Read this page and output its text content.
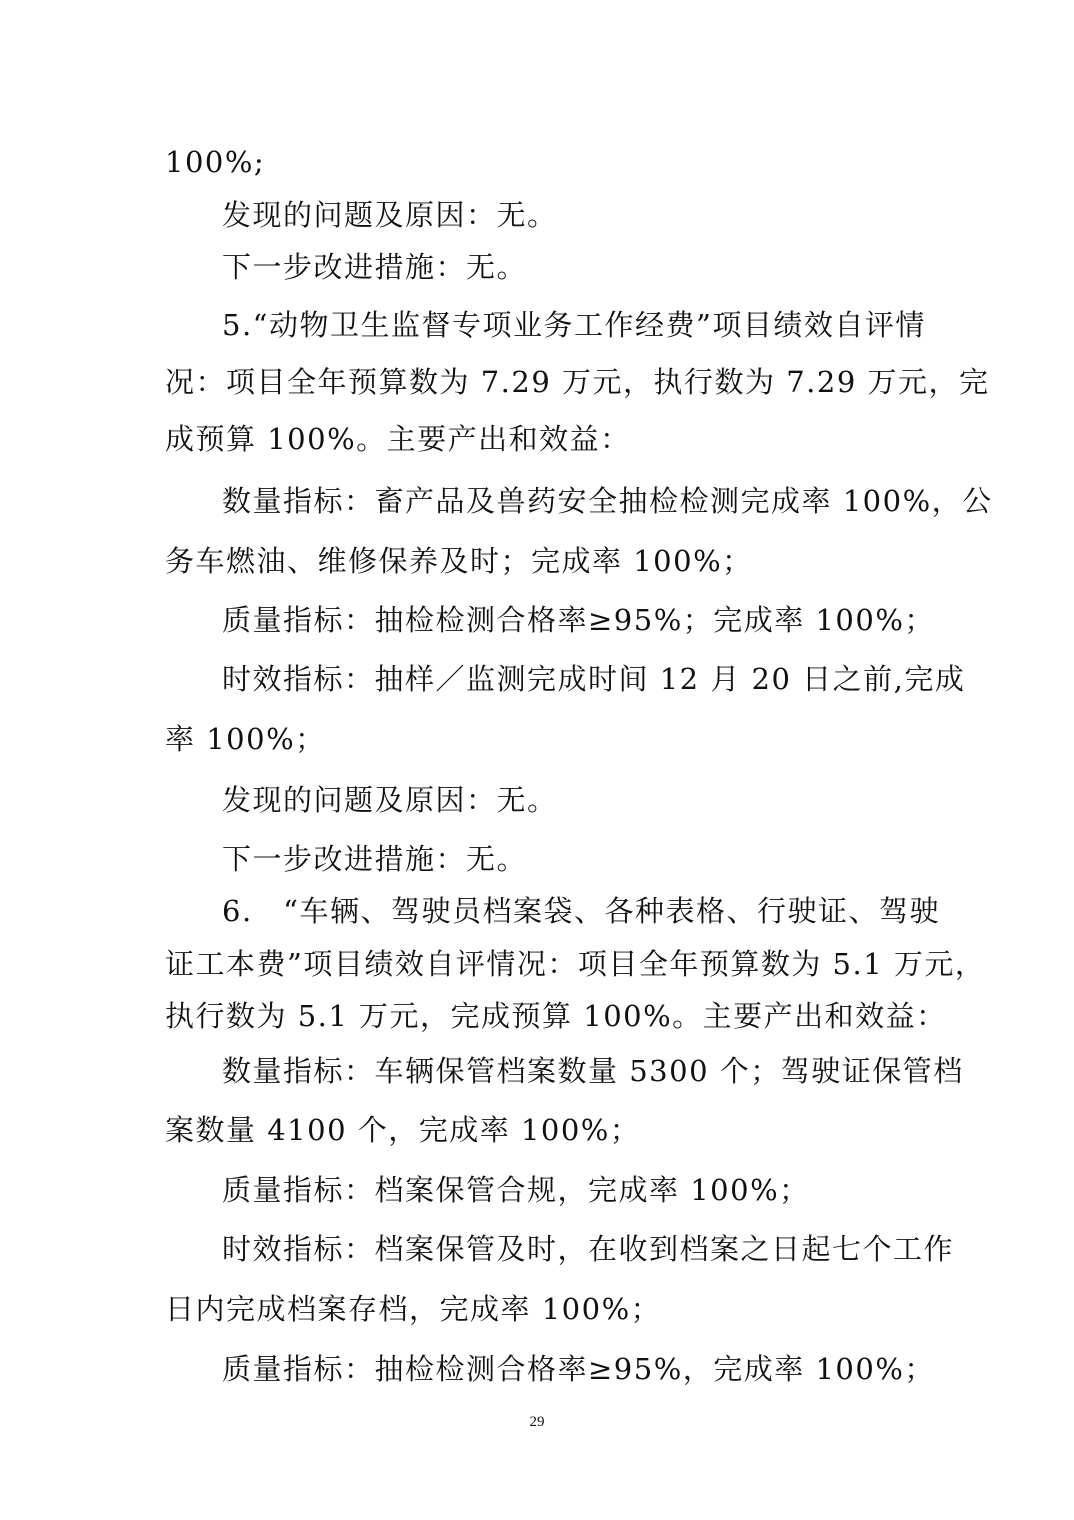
100%;
发现的问题及原因：无。
下一步改进措施：无。
5.“动物卫生监督专项业务工作经费”项目绩效自评情
况：项目全年预算数为 7.29 万元，执行数为 7.29 万元，完
成预算 100%。主要产出和效益：
数量指标：畜产品及兽药安全抽检检测完成率 100%，公
务车燃油、维修保养及时；完成率 100%；
质量指标：抽检检测合格率≥95%；完成率 100%；
时效指标：抽样／监测完成时间 12 月 20 日之前,完成
率 100%；
发现的问题及原因：无。
下一步改进措施：无。
6.　“车辆、驾驶员档案袋、各种表格、行驶证、驾驶
证工本费”项目绩效自评情况：项目全年预算数为 5.1 万元，
执行数为 5.1 万元，完成预算 100%。主要产出和效益：
数量指标：车辆保管档案数量 5300 个；驾驶证保管档
案数量 4100 个，完成率 100%；
质量指标：档案保管合规，完成率 100%；
时效指标：档案保管及时，在收到档案之日起七个工作
日内完成档案存档，完成率 100%；
质量指标：抽检检测合格率≥95%，完成率 100%；
29
